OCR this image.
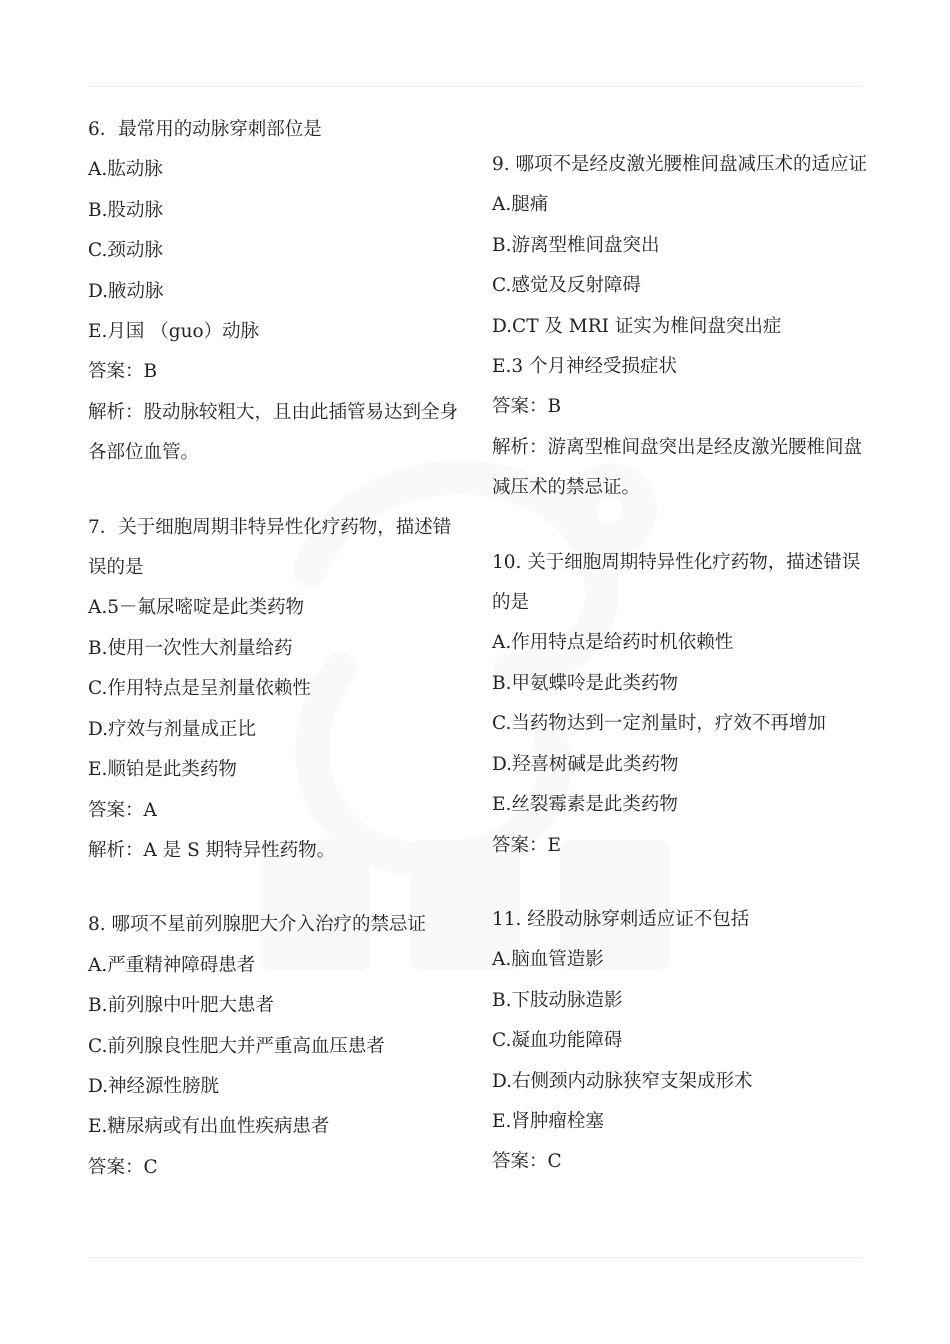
6．最常用的动脉穿刺部位是
A.肱动脉
B.股动脉
C.颈动脉
D.腋动脉
E.月国 （guo）动脉
答案：B
解析：股动脉较粗大，且由此插管易达到全身各部位血管。
7．关于细胞周期非特异性化疗药物，描述错误的是
A.5－氟尿嘧啶是此类药物
B.使用一次性大剂量给药
C.作用特点是呈剂量依赖性
D.疗效与剂量成正比
E.顺铂是此类药物
答案：A
解析：A 是 S 期特异性药物。
8. 哪项不星前列腺肥大介入治疗的禁忌证
A.严重精神障碍患者
B.前列腺中叶肥大患者
C.前列腺良性肥大并严重高血压患者
D.神经源性膀胱
E.糖尿病或有出血性疾病患者
答案：C
9. 哪项不是经皮激光腰椎间盘减压术的适应证
A.腿痛
B.游离型椎间盘突出
C.感觉及反射障碍
D.CT 及 MRI 证实为椎间盘突出症
E.3 个月神经受损症状
答案：B
解析：游离型椎间盘突出是经皮激光腰椎间盘减压术的禁忌证。
10. 关于细胞周期特异性化疗药物，描述错误的是
A.作用特点是给药时机依赖性
B.甲氨蝶呤是此类药物
C.当药物达到一定剂量时，疗效不再增加
D.羟喜树碱是此类药物
E.丝裂霉素是此类药物
答案：E
11. 经股动脉穿刺适应证不包括
A.脑血管造影
B.下肢动脉造影
C.凝血功能障碍
D.右侧颈内动脉狭窄支架成形术
E.肾肿瘤栓塞
答案：C
